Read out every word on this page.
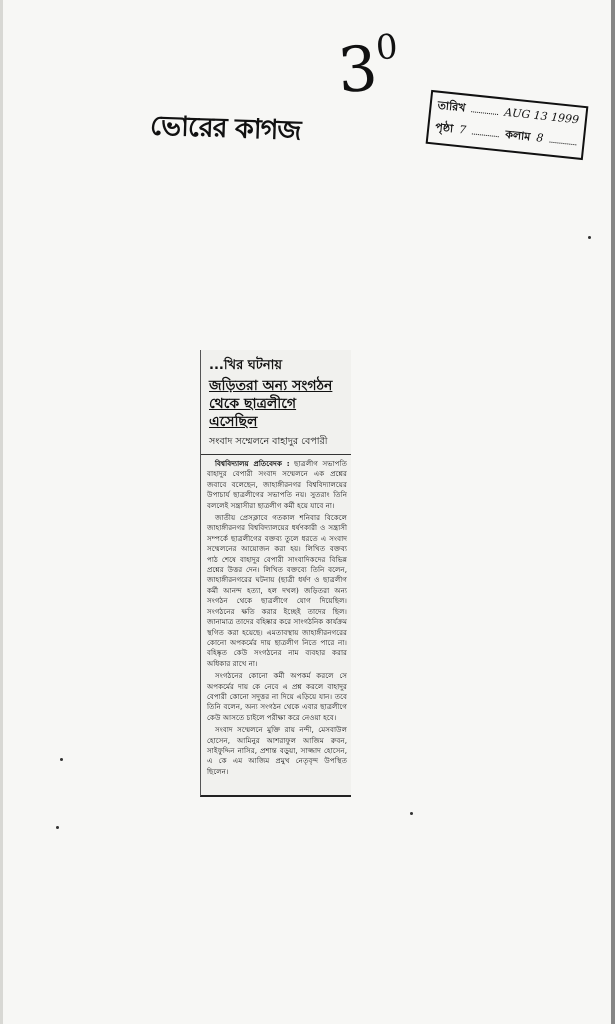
ভোরের কাগজ
$3^0$
তারিখ	AUG 13 1999
পৃষ্ঠা 7	কলাম 8
...খির ঘটনায়
জড়িতরা অন্য সংগঠন
থেকে ছাত্রলীগে এসেছিল
সংবাদ সম্মেলনে বাহাদুর বেপারী

বিশ্ববিদ্যালয় প্রতিবেদক : ছাত্রলীগ সভাপতি বাহাদুর বেপারী সংবাদ সম্মেলনে এক প্রশ্নের জবাবে বলেছেন, জাহাঙ্গীরনগর বিশ্ববিদ্যালয়ের উপাচার্য ছাত্রলীগের সভাপতি নয়। সুতরাং তিনি বললেই সন্ত্রাসীরা ছাত্রলীগ কর্মী হয়ে যাবে না।

জাতীয় প্রেসক্লাবে গতকাল শনিবার বিকেলে জাহাঙ্গীরনগর বিশ্ববিদ্যালয়ের ধর্ষণকারী ও সন্ত্রাসী সম্পর্কে ছাত্রলীগের বক্তব্য তুলে ধরতে এ সংবাদ সম্মেলনের আয়োজন করা হয়। লিখিত বক্তব্য পাঠ শেষে বাহাদুর বেপারী সাংবাদিকদের বিভিন্ন প্রশ্নের উত্তর দেন। লিখিত বক্তব্যে তিনি বলেন, জাহাঙ্গীরনগরের ঘটনায় (ছাত্রী ধর্ষণ ও ছাত্রলীগ কর্মী আনন্দ হত্যা, হল দখল) জড়িতরা অন্য সংগঠন থেকে ছাত্রলীগে যোগ দিয়েছিল। সংগঠনের ক্ষতি করার ইচ্ছেই তাদের ছিল। জানামাত্র তাদের বহিষ্কার করে সাংগঠনিক কার্যক্রম স্থগিত করা হয়েছে। এমতাবস্থায় জাহাঙ্গীরনগরের কোনো অপকর্মের দায় ছাত্রলীগ নিতে পারে না। বহিষ্কৃত কেউ সংগঠনের নাম ব্যবহার করার অধিকার রাখে না।

সংগঠনের কোনো কর্মী অপকর্ম করলে সে অপকর্মের দায় কে নেবে এ প্রশ্ন করলে বাহাদুর বেপারী কোনো সদুত্তর না দিয়ে এড়িয়ে যান। তবে তিনি বলেন, অন্য সংগঠন থেকে এবার ছাত্রলীগে কেউ আসতে চাইলে পরীক্ষা করে নেওয়া হবে।

সংবাদ সম্মেলনে মুক্তি রায় নন্দী, মেসবাউল হোসেন, আমিনুর আশরাফুল আজিম রুবন, সাইফুদ্দিন নাসির, প্রশান্ত বড়ুয়া, সাজ্জাদ হোসেন, এ কে এম আজিম প্রমুখ নেতৃবৃন্দ উপস্থিত ছিলেন।
